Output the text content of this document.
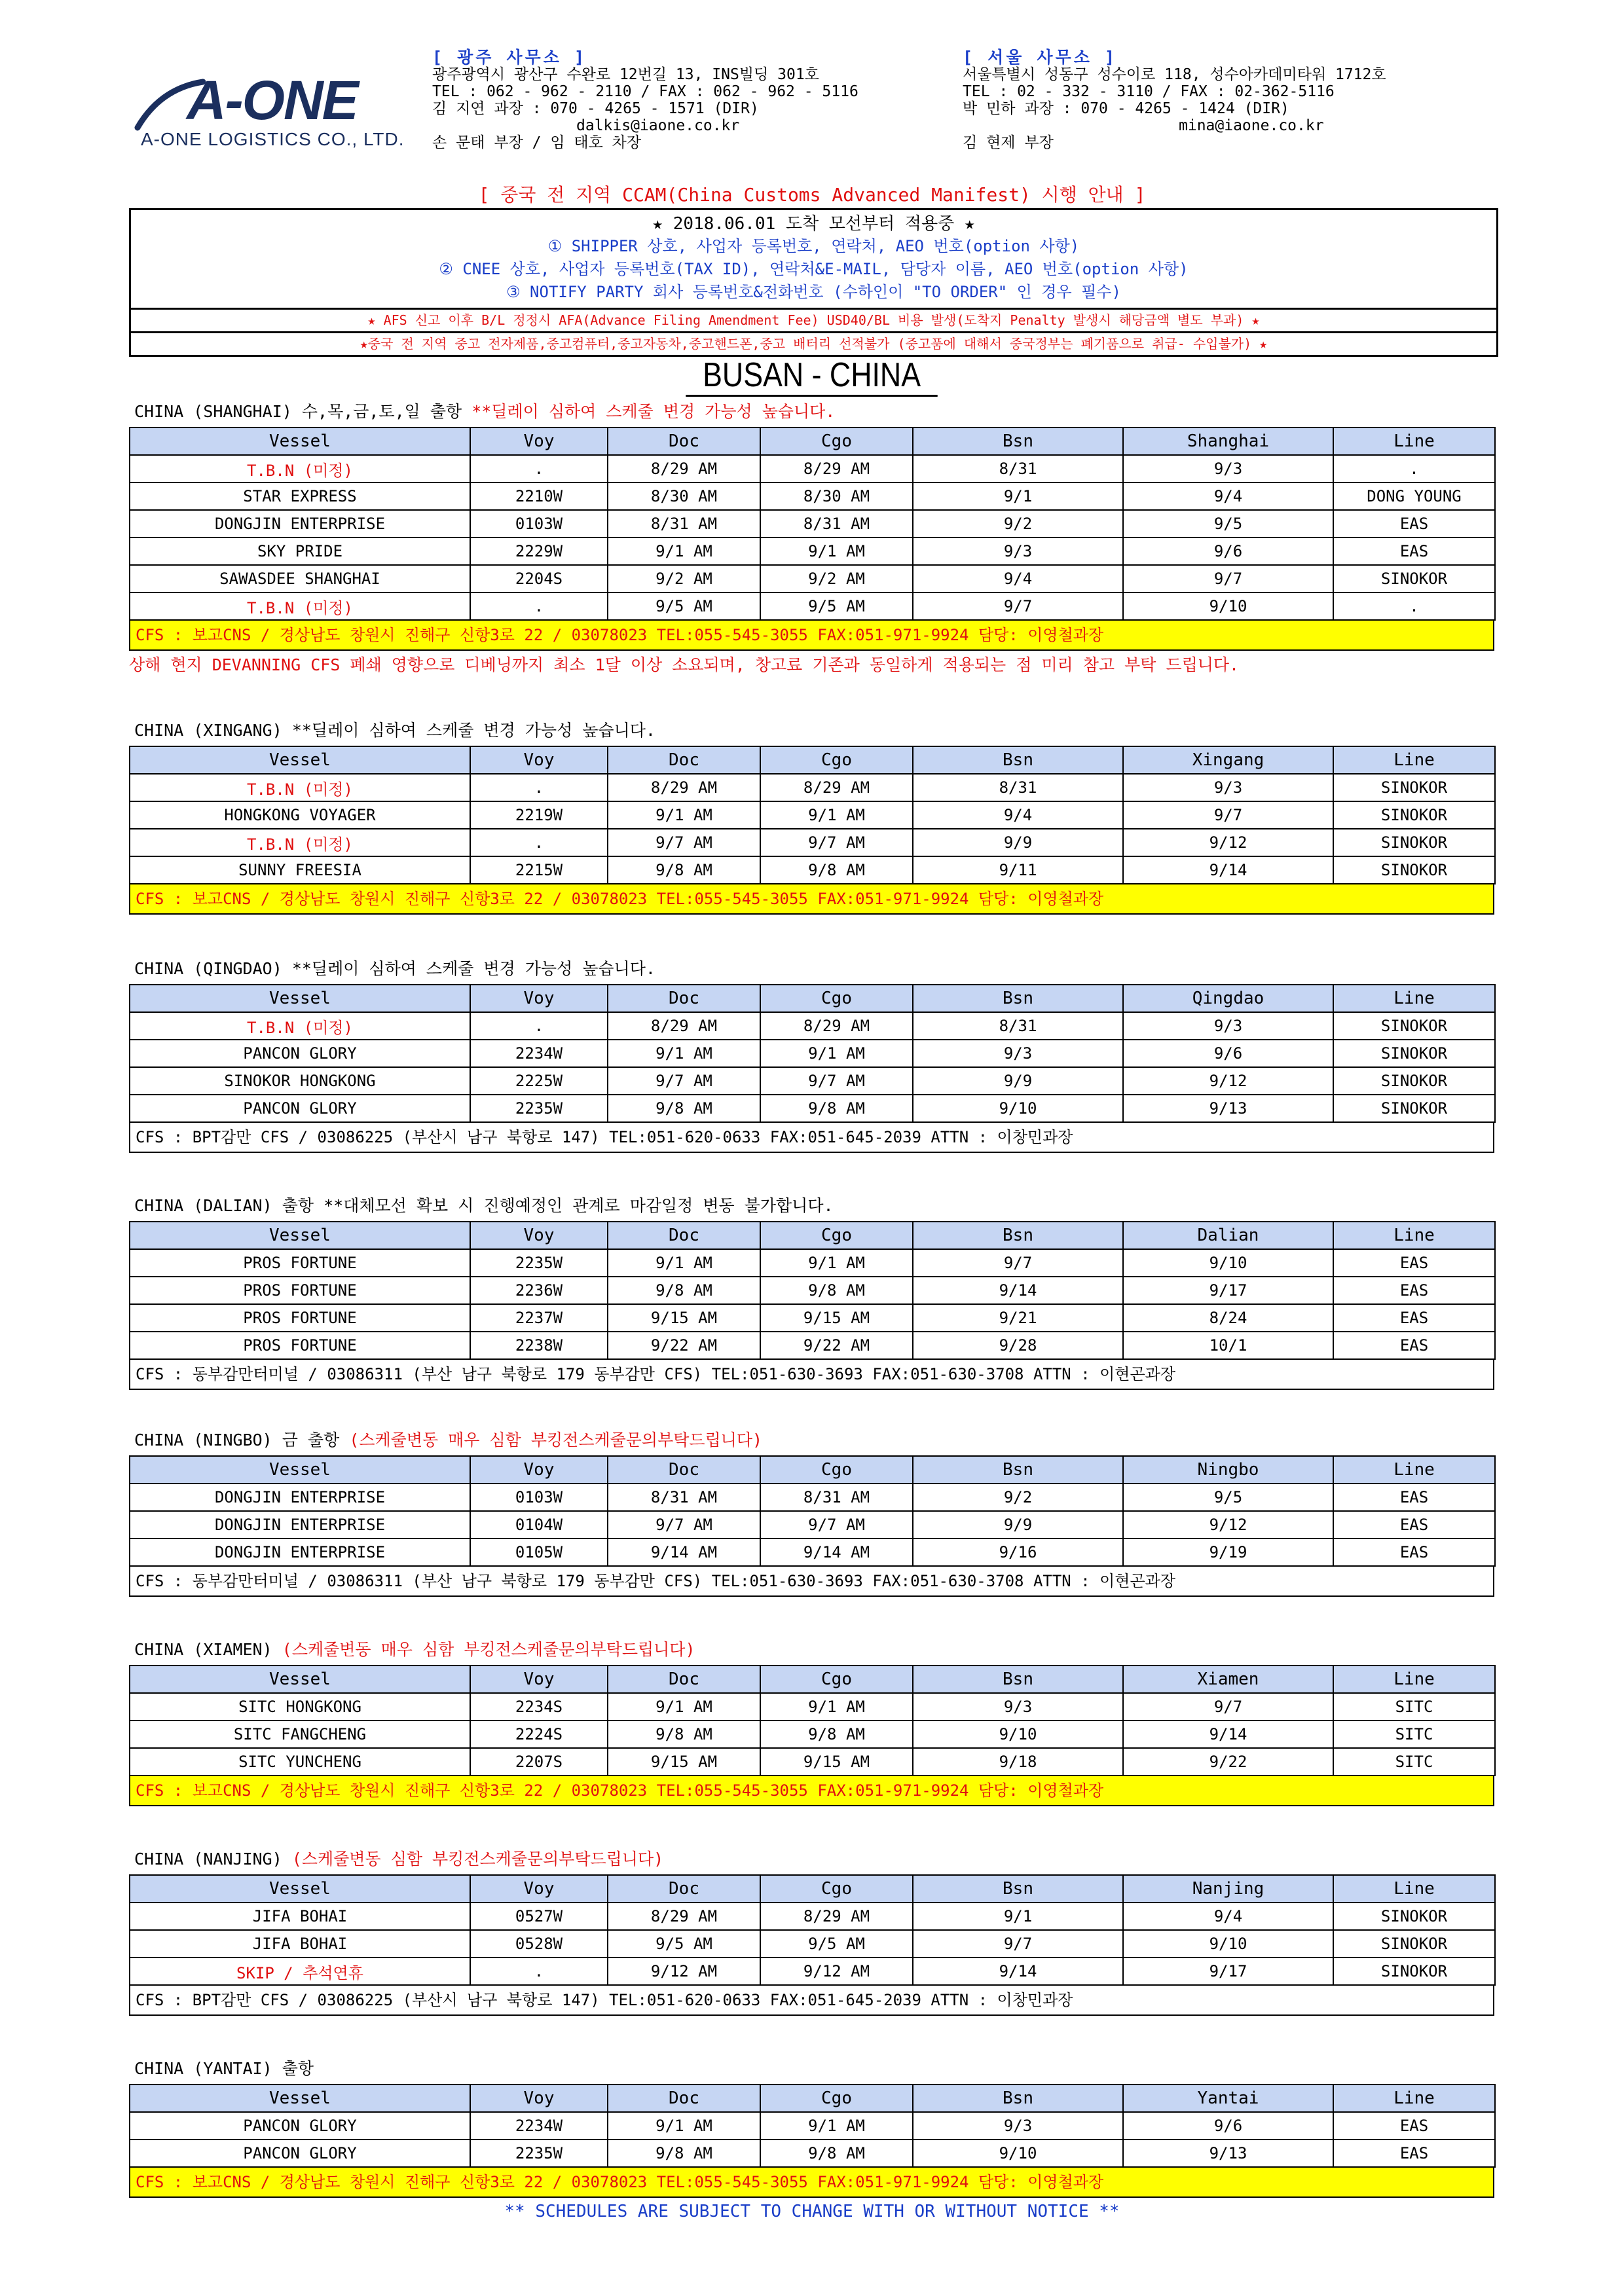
A-ONE
A-ONE LOGISTICS CO., LTD.
[ 광주 사무소 ]
광주광역시 광산구 수완로 12번길 13, INS빌딩 301호
TEL : 062 - 962 - 2110 / FAX : 062 - 962 - 5116
김 지연 과장 : 070 - 4265 - 1571 (DIR)
dalkis@iaone.co.kr
손 문태 부장 / 임 태호 차장
[ 서울 사무소 ]
서울특별시 성동구 성수이로 118, 성수아카데미타워 1712호
TEL : 02 - 332 - 3110 / FAX : 02-362-5116
박 민하 과장 : 070 - 4265 - 1424 (DIR)
mina@iaone.co.kr
김 현제 부장
[ 중국 전 지역 CCAM(China Customs Advanced Manifest) 시행 안내 ]
★ 2018.06.01 도착 모선부터 적용중 ★
① SHIPPER 상호, 사업자 등록번호, 연락처, AEO 번호(option 사항)
② CNEE 상호, 사업자 등록번호(TAX ID), 연락처&E-MAIL, 담당자 이름, AEO 번호(option 사항)
③ NOTIFY PARTY 회사 등록번호&전화번호 (수하인이 "TO ORDER" 인 경우 필수)
★ AFS 신고 이후 B/L 정정시 AFA(Advance Filing Amendment Fee) USD40/BL 비용 발생(도착지 Penalty 발생시 해당금액 별도 부과) ★
★중국 전 지역 중고 전자제품,중고컴퓨터,중고자동차,중고핸드폰,중고 배터리 선적불가 (중고품에 대해서 중국정부는 폐기품으로 취급- 수입불가) ★
BUSAN - CHINA
CHINA (SHANGHAI) 수,목,금,토,일 출항 **딜레이 심하여 스케줄 변경 가능성 높습니다.
Vessel	Voy	Doc	Cgo	Bsn	Shanghai	Line
T.B.N (미정)	.	8/29 AM	8/29 AM	8/31	9/3	.
STAR EXPRESS	2210W	8/30 AM	8/30 AM	9/1	9/4	DONG YOUNG
DONGJIN ENTERPRISE	0103W	8/31 AM	8/31 AM	9/2	9/5	EAS
SKY PRIDE	2229W	9/1 AM	9/1 AM	9/3	9/6	EAS
SAWASDEE SHANGHAI	2204S	9/2 AM	9/2 AM	9/4	9/7	SINOKOR
T.B.N (미정)	.	9/5 AM	9/5 AM	9/7	9/10	.
CFS : 보고CNS / 경상남도 창원시 진해구 신항3로 22 / 03078023 TEL:055-545-3055 FAX:051-971-9924 담당: 이영철과장
상해 현지 DEVANNING CFS 폐쇄 영향으로 디베닝까지 최소 1달 이상 소요되며, 창고료 기존과 동일하게 적용되는 점 미리 참고 부탁 드립니다.
CHINA (XINGANG) **딜레이 심하여 스케줄 변경 가능성 높습니다.
Vessel	Voy	Doc	Cgo	Bsn	Xingang	Line
T.B.N (미정)	.	8/29 AM	8/29 AM	8/31	9/3	SINOKOR
HONGKONG VOYAGER	2219W	9/1 AM	9/1 AM	9/4	9/7	SINOKOR
T.B.N (미정)	.	9/7 AM	9/7 AM	9/9	9/12	SINOKOR
SUNNY FREESIA	2215W	9/8 AM	9/8 AM	9/11	9/14	SINOKOR
CFS : 보고CNS / 경상남도 창원시 진해구 신항3로 22 / 03078023 TEL:055-545-3055 FAX:051-971-9924 담당: 이영철과장
CHINA (QINGDAO) **딜레이 심하여 스케줄 변경 가능성 높습니다.
Vessel	Voy	Doc	Cgo	Bsn	Qingdao	Line
T.B.N (미정)	.	8/29 AM	8/29 AM	8/31	9/3	SINOKOR
PANCON GLORY	2234W	9/1 AM	9/1 AM	9/3	9/6	SINOKOR
SINOKOR HONGKONG	2225W	9/7 AM	9/7 AM	9/9	9/12	SINOKOR
PANCON GLORY	2235W	9/8 AM	9/8 AM	9/10	9/13	SINOKOR
CFS : BPT감만 CFS / 03086225 (부산시 남구 북항로 147) TEL:051-620-0633 FAX:051-645-2039 ATTN : 이창민과장
CHINA (DALIAN) 출항 **대체모선 확보 시 진행예정인 관계로 마감일정 변동 불가합니다.
Vessel	Voy	Doc	Cgo	Bsn	Dalian	Line
PROS FORTUNE	2235W	9/1 AM	9/1 AM	9/7	9/10	EAS
PROS FORTUNE	2236W	9/8 AM	9/8 AM	9/14	9/17	EAS
PROS FORTUNE	2237W	9/15 AM	9/15 AM	9/21	8/24	EAS
PROS FORTUNE	2238W	9/22 AM	9/22 AM	9/28	10/1	EAS
CFS : 동부감만터미널 / 03086311 (부산 남구 북항로 179 동부감만 CFS) TEL:051-630-3693 FAX:051-630-3708 ATTN : 이현곤과장
CHINA (NINGBO) 금 출항 (스케줄변동 매우 심함 부킹전스케줄문의부탁드립니다)
Vessel	Voy	Doc	Cgo	Bsn	Ningbo	Line
DONGJIN ENTERPRISE	0103W	8/31 AM	8/31 AM	9/2	9/5	EAS
DONGJIN ENTERPRISE	0104W	9/7 AM	9/7 AM	9/9	9/12	EAS
DONGJIN ENTERPRISE	0105W	9/14 AM	9/14 AM	9/16	9/19	EAS
CFS : 동부감만터미널 / 03086311 (부산 남구 북항로 179 동부감만 CFS) TEL:051-630-3693 FAX:051-630-3708 ATTN : 이현곤과장
CHINA (XIAMEN) (스케줄변동 매우 심함 부킹전스케줄문의부탁드립니다)
Vessel	Voy	Doc	Cgo	Bsn	Xiamen	Line
SITC HONGKONG	2234S	9/1 AM	9/1 AM	9/3	9/7	SITC
SITC FANGCHENG	2224S	9/8 AM	9/8 AM	9/10	9/14	SITC
SITC YUNCHENG	2207S	9/15 AM	9/15 AM	9/18	9/22	SITC
CFS : 보고CNS / 경상남도 창원시 진해구 신항3로 22 / 03078023 TEL:055-545-3055 FAX:051-971-9924 담당: 이영철과장
CHINA (NANJING) (스케줄변동 심함 부킹전스케줄문의부탁드립니다)
Vessel	Voy	Doc	Cgo	Bsn	Nanjing	Line
JIFA BOHAI	0527W	8/29 AM	8/29 AM	9/1	9/4	SINOKOR
JIFA BOHAI	0528W	9/5 AM	9/5 AM	9/7	9/10	SINOKOR
SKIP / 추석연휴	.	9/12 AM	9/12 AM	9/14	9/17	SINOKOR
CFS : BPT감만 CFS / 03086225 (부산시 남구 북항로 147) TEL:051-620-0633 FAX:051-645-2039 ATTN : 이창민과장
CHINA (YANTAI) 출항
Vessel	Voy	Doc	Cgo	Bsn	Yantai	Line
PANCON GLORY	2234W	9/1 AM	9/1 AM	9/3	9/6	EAS
PANCON GLORY	2235W	9/8 AM	9/8 AM	9/10	9/13	EAS
CFS : 보고CNS / 경상남도 창원시 진해구 신항3로 22 / 03078023 TEL:055-545-3055 FAX:051-971-9924 담당: 이영철과장
** SCHEDULES ARE SUBJECT TO CHANGE WITH OR WITHOUT NOTICE **
